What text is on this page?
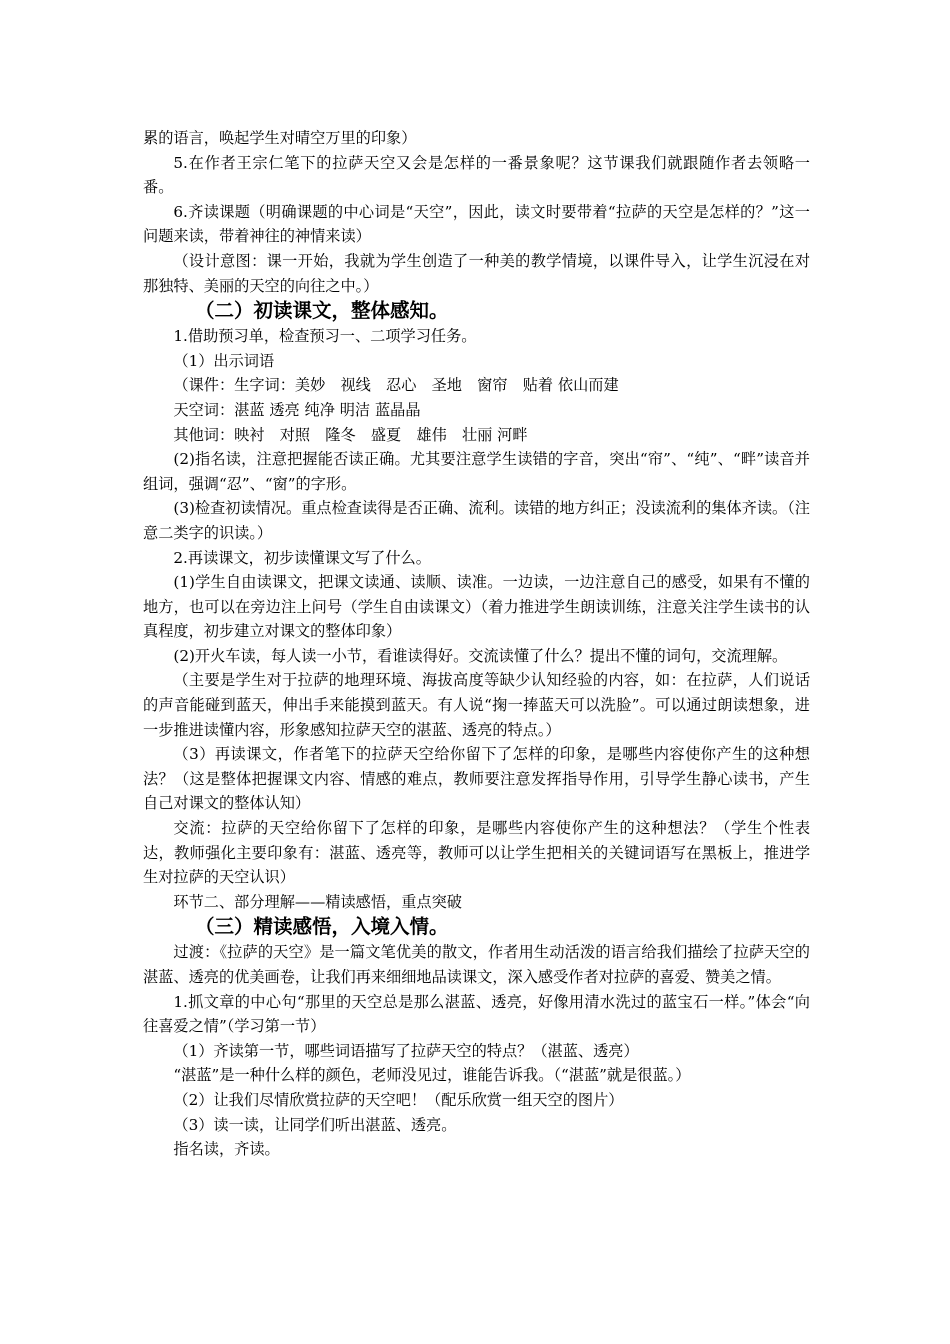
累的语言，唤起学生对晴空万里的印象）

5.在作者王宗仁笔下的拉萨天空又会是怎样的一番景象呢？这节课我们就跟随作者去领略一番。

6.齐读课题（明确课题的中心词是“天空”，因此，读文时要带着“拉萨的天空是怎样的？”这一问题来读，带着神往的神情来读）

（设计意图：课一开始，我就为学生创造了一种美的教学情境，以课件导入，让学生沉浸在对那独特、美丽的天空的向往之中。）

（二）初读课文，整体感知。

1.借助预习单，检查预习一、二项学习任务。

（1）出示词语

（课件：生字词：美妙　视线　忍心　圣地　窗帘　贴着 依山而建

天空词：湛蓝 透亮 纯净 明洁 蓝晶晶

其他词：映衬　对照　隆冬　盛夏　雄伟　壮丽 河畔

(2)指名读，注意把握能否读正确。尤其要注意学生读错的字音，突出“帘”、“纯”、“畔”读音并组词，强调“忍”、“窗”的字形。

(3)检查初读情况。重点检查读得是否正确、流利。读错的地方纠正；没读流利的集体齐读。（注意二类字的识读。）

2.再读课文，初步读懂课文写了什么。

(1)学生自由读课文，把课文读通、读顺、读准。一边读，一边注意自己的感受，如果有不懂的地方，也可以在旁边注上问号（学生自由读课文）（着力推进学生朗读训练，注意关注学生读书的认真程度，初步建立对课文的整体印象）

(2)开火车读，每人读一小节，看谁读得好。交流读懂了什么？提出不懂的词句，交流理解。

（主要是学生对于拉萨的地理环境、海拔高度等缺少认知经验的内容，如：在拉萨，人们说话的声音能碰到蓝天，伸出手来能摸到蓝天。有人说“掬一捧蓝天可以洗脸”。可以通过朗读想象，进一步推进读懂内容，形象感知拉萨天空的湛蓝、透亮的特点。）

（3）再读课文，作者笔下的拉萨天空给你留下了怎样的印象，是哪些内容使你产生的这种想法？（这是整体把握课文内容、情感的难点，教师要注意发挥指导作用，引导学生静心读书，产生自己对课文的整体认知）

交流：拉萨的天空给你留下了怎样的印象，是哪些内容使你产生的这种想法？（学生个性表达，教师强化主要印象有：湛蓝、透亮等，教师可以让学生把相关的关键词语写在黑板上，推进学生对拉萨的天空认识）

环节二、部分理解——精读感悟，重点突破

（三）精读感悟，入境入情。

过渡：《拉萨的天空》是一篇文笔优美的散文，作者用生动活泼的语言给我们描绘了拉萨天空的湛蓝、透亮的优美画卷，让我们再来细细地品读课文，深入感受作者对拉萨的喜爱、赞美之情。

1.抓文章的中心句“那里的天空总是那么湛蓝、透亮，好像用清水洗过的蓝宝石一样。”体会“向往喜爱之情”（学习第一节）

（1）齐读第一节，哪些词语描写了拉萨天空的特点？（湛蓝、透亮）

“湛蓝”是一种什么样的颜色，老师没见过，谁能告诉我。（“湛蓝”就是很蓝。）

（2）让我们尽情欣赏拉萨的天空吧！（配乐欣赏一组天空的图片）

（3）读一读，让同学们听出湛蓝、透亮。

指名读，齐读。
